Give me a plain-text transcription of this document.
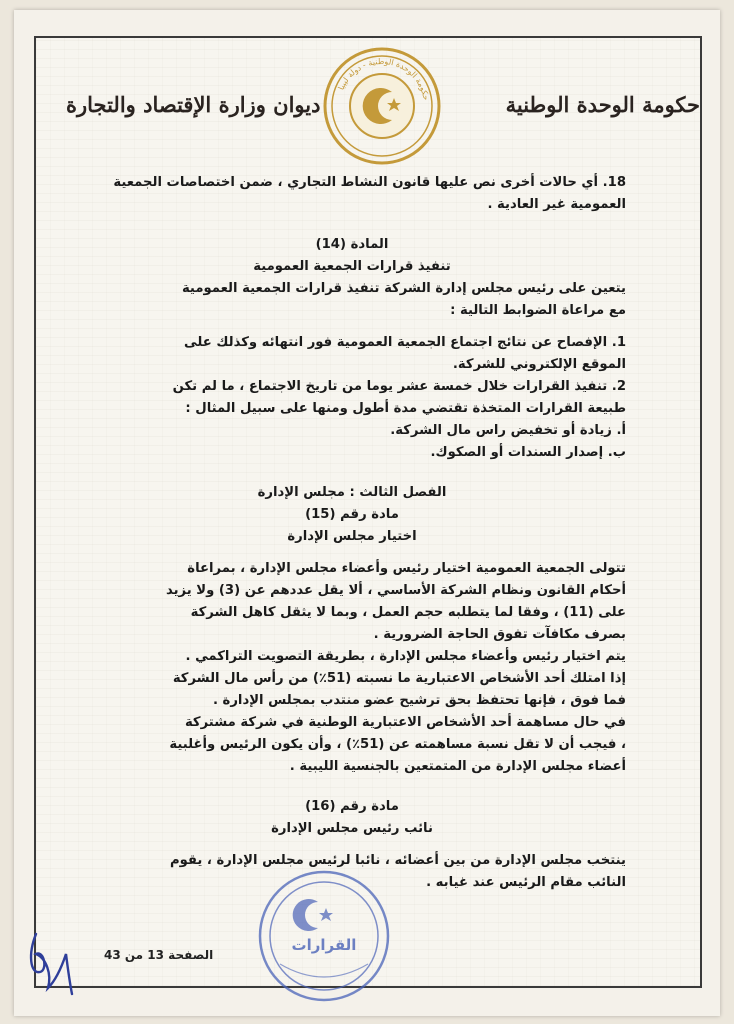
حكومة الوحدة الوطنية
حكومة الوحدة الوطنية - دولة ليبيا
ديوان وزارة الإقتصاد والتجارة
18. أي حالات أخرى نص عليها قانون النشاط التجاري ، ضمن اختصاصات الجمعية
العمومية غير العادية .
المادة (14)
تنفيذ قرارات الجمعية العمومية
- يتعين على رئيس مجلس إدارة الشركة تنفيذ قرارات الجمعية العمومية
مع مراعاة الضوابط التالية :
1. الإفصاح عن نتائج اجتماع الجمعية العمومية فور انتهائه وكذلك على
الموقع الإلكتروني للشركة.
2. تنفيذ القرارات خلال خمسة عشر يوما من تاريخ الاجتماع ، ما لم تكن
طبيعة القرارات المتخذة تقتضي مدة أطول ومنها على سبيل المثال :
أ. زيادة أو تخفيض راس مال الشركة.
ب. إصدار السندات أو الصكوك.
الفصل الثالث : مجلس الإدارة
مادة رقم (15)
اختيار مجلس الإدارة
- تتولى الجمعية العمومية اختيار رئيس وأعضاء مجلس الإدارة ، بمراعاة
أحكام القانون ونظام الشركة الأساسي ، ألا يقل عددهم عن (3) ولا يزيد
على (11) ، وفقا لما يتطلبه حجم العمل ، وبما لا يثقل كاهل الشركة
بصرف مكافآت تفوق الحاجة الضرورية .
- يتم اختيار رئيس وأعضاء مجلس الإدارة ، بطريقة التصويت التراكمي .
- إذا امتلك أحد الأشخاص الاعتبارية ما نسبته (51٪) من رأس مال الشركة
فما فوق ، فإنها تحتفظ بحق ترشيح عضو منتدب بمجلس الإدارة .
- في حال مساهمة أحد الأشخاص الاعتبارية الوطنية في شركة مشتركة
، فيجب أن لا تقل نسبة مساهمته عن (51٪) ، وأن يكون الرئيس وأغلبية
أعضاء مجلس الإدارة من المتمتعين بالجنسية الليبية .
مادة رقم (16)
نائب رئيس مجلس الإدارة
- ينتخب مجلس الإدارة من بين أعضائه ، نائبا لرئيس مجلس الإدارة ، يقوم
النائب مقام الرئيس عند غيابه .
القرارات
الصفحة 13 من 43
